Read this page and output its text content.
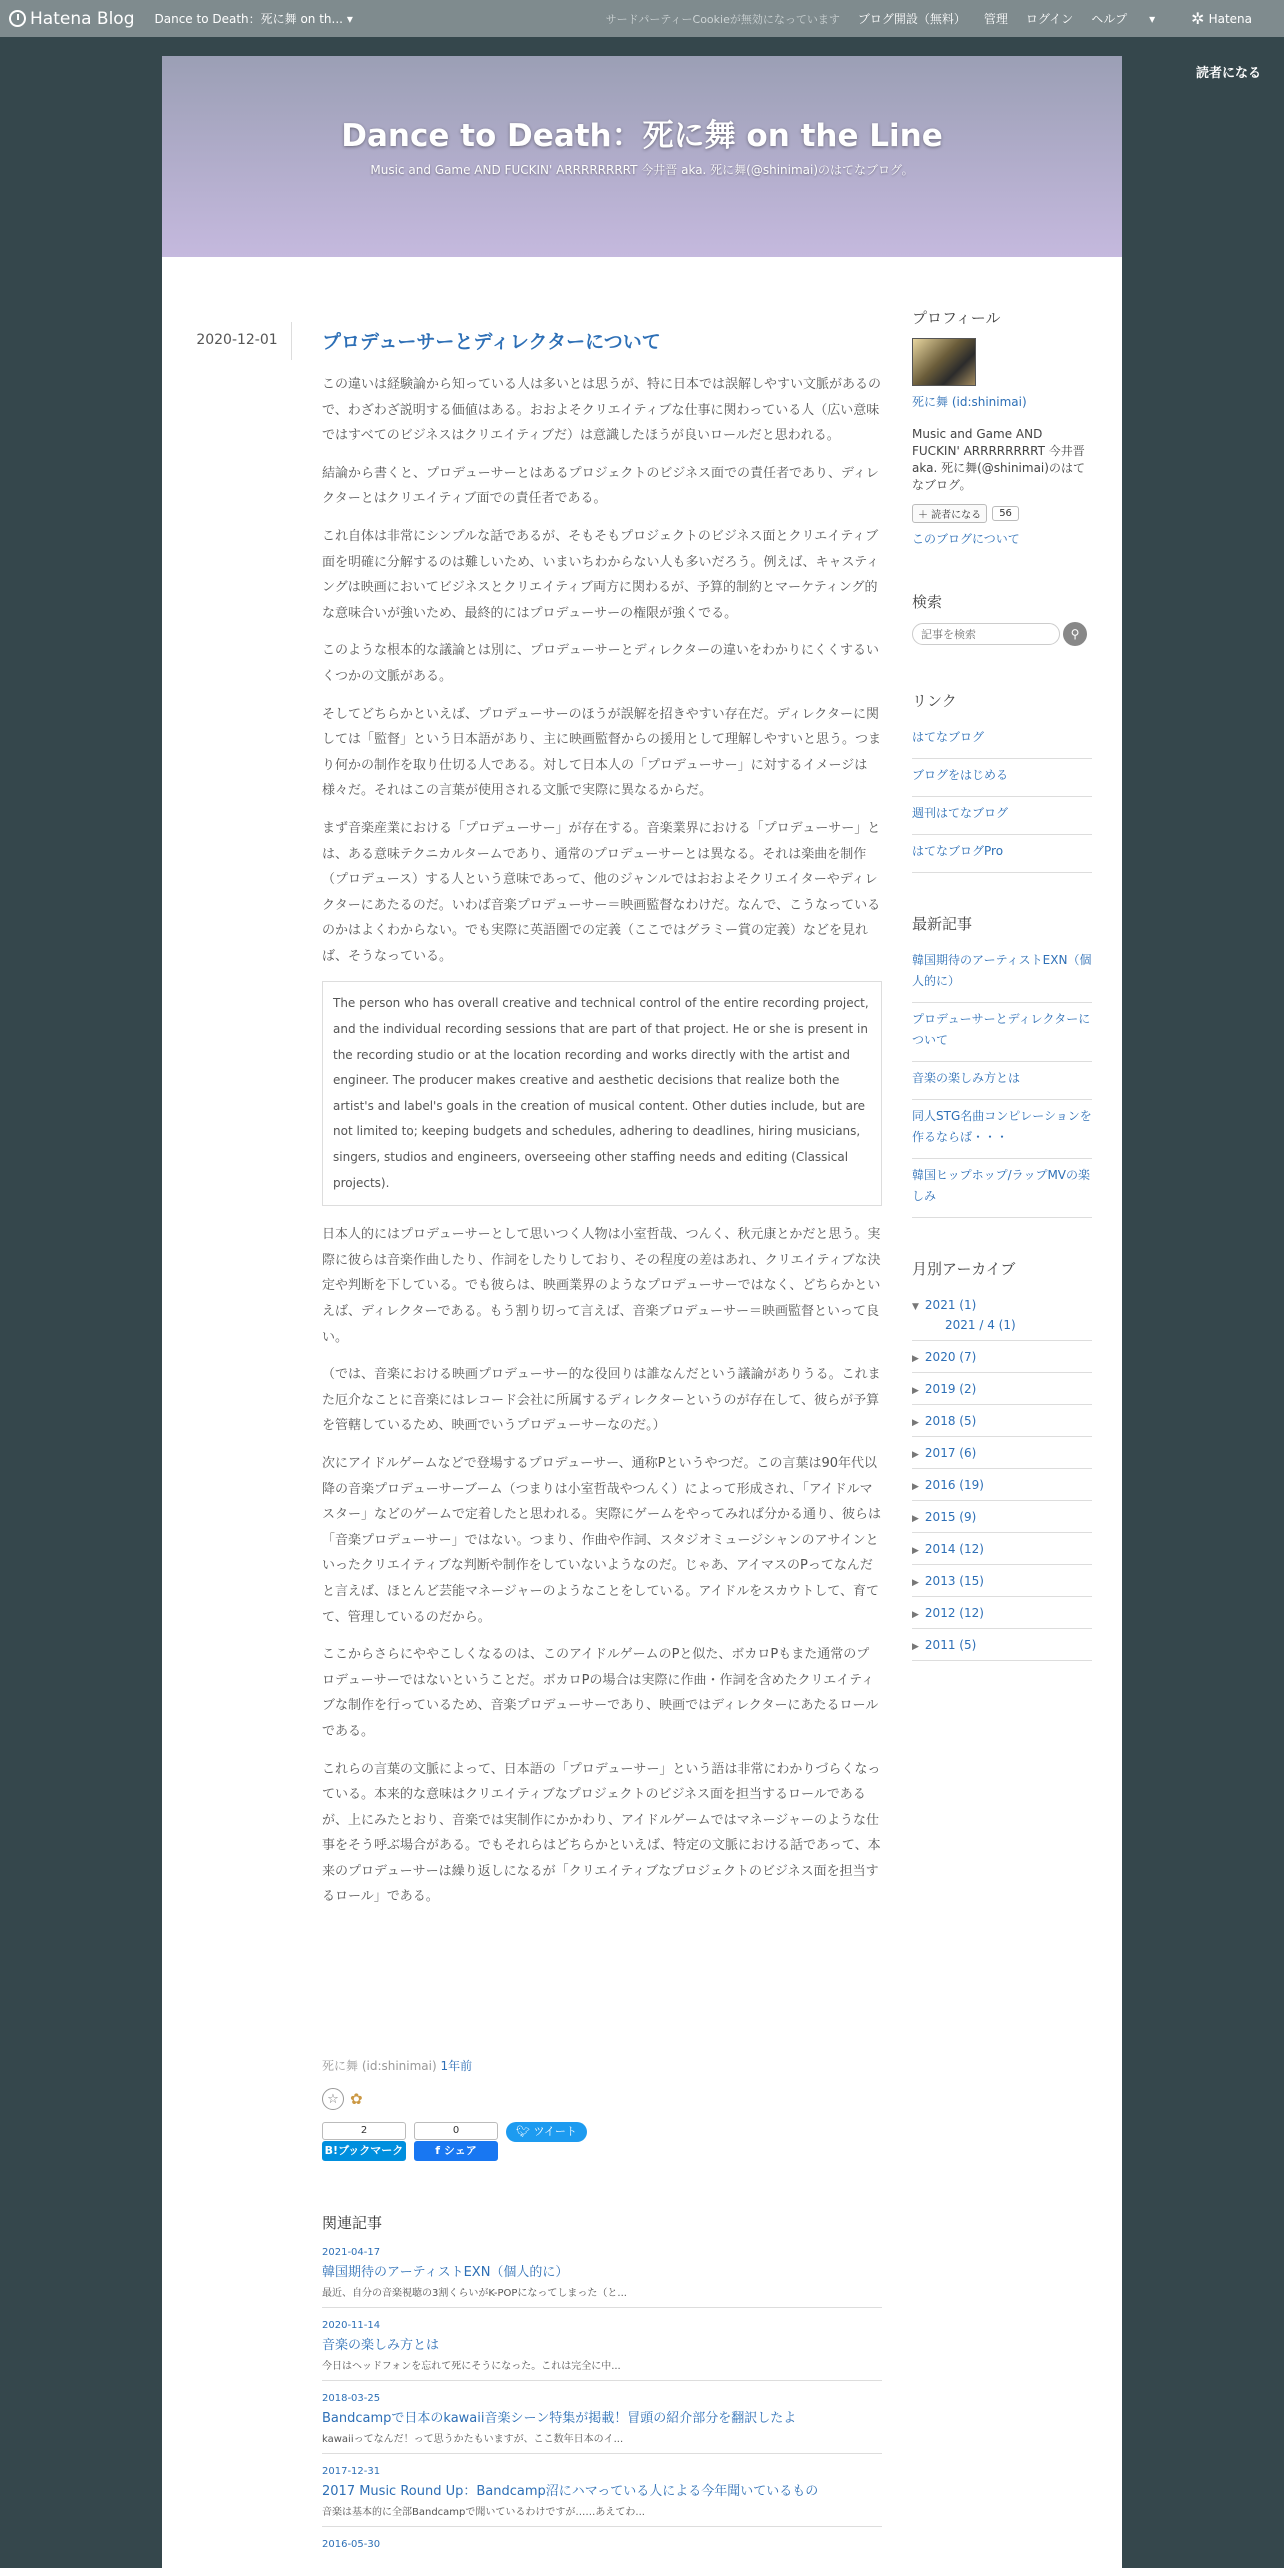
Hatena Blog Dance to Death：死に舞 on th... ▾	サードパーティーCookieが無効になっています ブログ開設（無料） 管理 ログイン ヘルプ ▾	✲ Hatena
読者になる
Dance to Death：死に舞 on the Line
Music and Game AND FUCKIN' ARRRRRRRRT 今井晋 aka. 死に舞(@shinimai)のはてなブログ。
2020-12-01 プロデューサーとディレクターについて

この違いは経験論から知っている人は多いとは思うが、特に日本では誤解しやすい文脈があるので、わざわざ説明する価値はある。おおよそクリエイティブな仕事に関わっている人（広い意味ではすべてのビジネスはクリエイティブだ）は意識したほうが良いロールだと思われる。

結論から書くと、プロデューサーとはあるプロジェクトのビジネス面での責任者であり、ディレクターとはクリエイティブ面での責任者である。

これ自体は非常にシンプルな話であるが、そもそもプロジェクトのビジネス面とクリエイティブ面を明確に分解するのは難しいため、いまいちわからない人も多いだろう。例えば、キャスティングは映画においてビジネスとクリエイティブ両方に関わるが、予算的制約とマーケティング的な意味合いが強いため、最終的にはプロデューサーの権限が強くでる。

このような根本的な議論とは別に、プロデューサーとディレクターの違いをわかりにくくするいくつかの文脈がある。

そしてどちらかといえば、プロデューサーのほうが誤解を招きやすい存在だ。ディレクターに関しては「監督」という日本語があり、主に映画監督からの援用として理解しやすいと思う。つまり何かの制作を取り仕切る人である。対して日本人の「プロデューサー」に対するイメージは様々だ。それはこの言葉が使用される文脈で実際に異なるからだ。

まず音楽産業における「プロデューサー」が存在する。音楽業界における「プロデューサー」とは、ある意味テクニカルタームであり、通常のプロデューサーとは異なる。それは楽曲を制作（プロデュース）する人という意味であって、他のジャンルではおおよそクリエイターやディレクターにあたるのだ。いわば音楽プロデューサー＝映画監督なわけだ。なんで、こうなっているのかはよくわからない。でも実際に英語圏での定義（ここではグラミー賞の定義）などを見れば、そうなっている。

The person who has overall creative and technical control of the entire recording project, and the individual recording sessions that are part of that project. He or she is present in the recording studio or at the location recording and works directly with the artist and engineer. The producer makes creative and aesthetic decisions that realize both the artist's and label's goals in the creation of musical content. Other duties include, but are not limited to; keeping budgets and schedules, adhering to deadlines, hiring musicians, singers, studios and engineers, overseeing other staffing needs and editing (Classical projects).

日本人的にはプロデューサーとして思いつく人物は小室哲哉、つんく、秋元康とかだと思う。実際に彼らは音楽作曲したり、作詞をしたりしており、その程度の差はあれ、クリエイティブな決定や判断を下している。でも彼らは、映画業界のようなプロデューサーではなく、どちらかといえば、ディレクターである。もう割り切って言えば、音楽プロデューサー＝映画監督といって良い。

（では、音楽における映画プロデューサー的な役回りは誰なんだという議論がありうる。これまた厄介なことに音楽にはレコード会社に所属するディレクターというのが存在して、彼らが予算を管轄しているため、映画でいうプロデューサーなのだ。）

次にアイドルゲームなどで登場するプロデューサー、通称Pというやつだ。この言葉は90年代以降の音楽プロデューサーブーム（つまりは小室哲哉やつんく）によって形成され、「アイドルマスター」などのゲームで定着したと思われる。実際にゲームをやってみれば分かる通り、彼らは「音楽プロデューサー」ではない。つまり、作曲や作詞、スタジオミュージシャンのアサインといったクリエイティブな判断や制作をしていないようなのだ。じゃあ、アイマスのPってなんだと言えば、ほとんど芸能マネージャーのようなことをしている。アイドルをスカウトして、育てて、管理しているのだから。

ここからさらにややこしくなるのは、このアイドルゲームのPと似た、ボカロPもまた通常のプロデューサーではないということだ。ボカロPの場合は実際に作曲・作詞を含めたクリエイティブな制作を行っているため、音楽プロデューサーであり、映画ではディレクターにあたるロールである。

これらの言葉の文脈によって、日本語の「プロデューサー」という語は非常にわかりづらくなっている。本来的な意味はクリエイティブなプロジェクトのビジネス面を担当するロールであるが、上にみたとおり、音楽では実制作にかかわり、アイドルゲームではマネージャーのような仕事をそう呼ぶ場合がある。でもそれらはどちらかといえば、特定の文脈における話であって、本来のプロデューサーは繰り返しになるが「クリエイティブなプロジェクトのビジネス面を担当するロール」である。

死に舞 (id:shinimai) 1年前
☆ ✿
2
B!ブックマーク
0
f シェア
🐦︎ ツイート
関連記事
2021-04-17
韓国期待のアーティストEXN（個人的に）
最近、自分の音楽視聴の3割くらいがK-POPになってしまった（と...
2020-11-14
音楽の楽しみ方とは
今日はヘッドフォンを忘れて死にそうになった。これは完全に中...
2018-03-25
Bandcampで日本のkawaii音楽シーン特集が掲載！冒頭の紹介部分を翻訳したよ
kawaiiってなんだ！って思うかたもいますが、ここ数年日本のイ...
2017-12-31
2017 Music Round Up：Bandcamp沼にハマっている人による今年聞いているもの
音楽は基本的に全部Bandcampで聞いているわけですが……あえてわ...
2016-05-30
プロフィール
死に舞 (id:shinimai)
Music and Game AND FUCKIN' ARRRRRRRRT 今井晋 aka. 死に舞(@shinimai)のはてなブログ。
＋ 読者になる	56
このブログについて
検索
記事を検索
⚲
リンク
はてなブログ
ブログをはじめる
週刊はてなブログ
はてなブログPro
最新記事
韓国期待のアーティストEXN（個人的に）
プロデューサーとディレクターについて
音楽の楽しみ方とは
同人STG名曲コンピレーションを作るならば・・・
韓国ヒップホップ/ラップMVの楽しみ
月別アーカイブ
▼ 2021 (1)
2021 / 4 (1)
▶ 2020 (7)
▶ 2019 (2)
▶ 2018 (5)
▶ 2017 (6)
▶ 2016 (19)
▶ 2015 (9)
▶ 2014 (12)
▶ 2013 (15)
▶ 2012 (12)
▶ 2011 (5)
